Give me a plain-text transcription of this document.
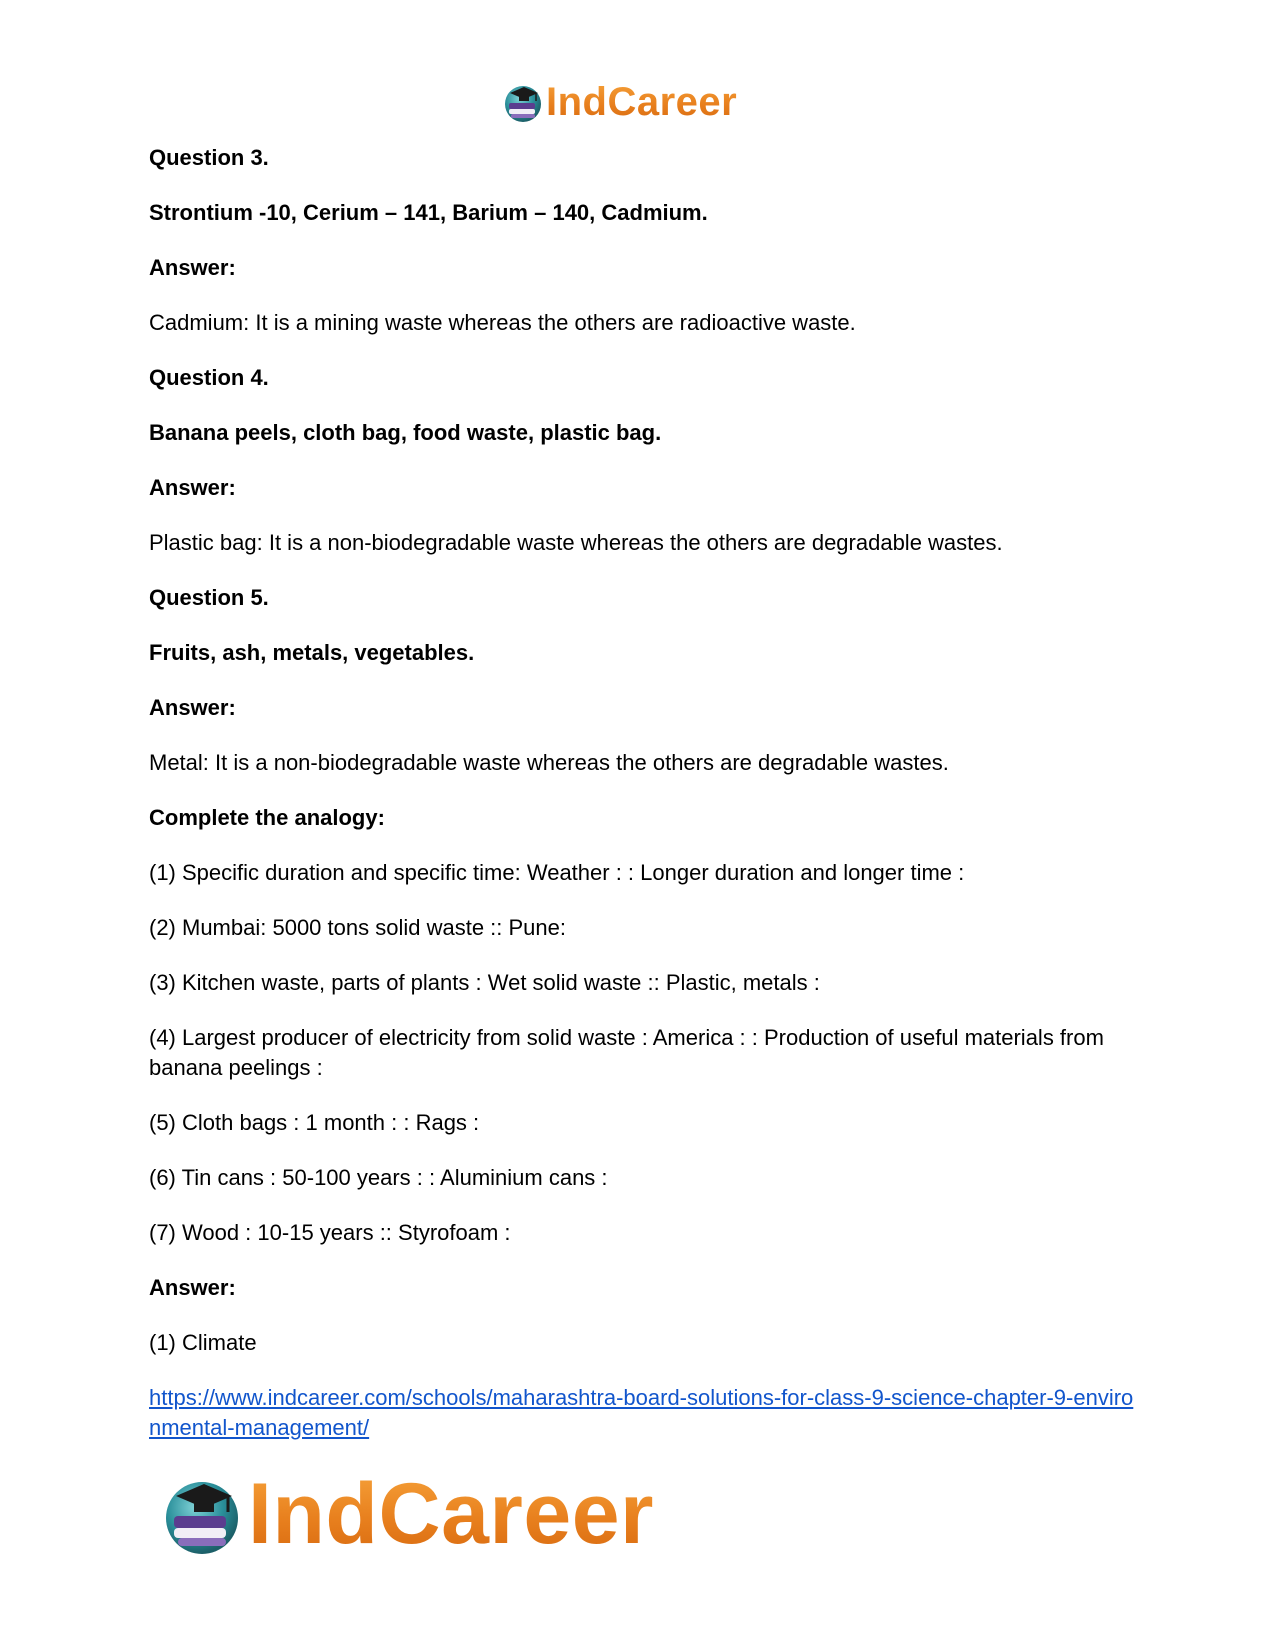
IndCareer

Question 3.

Strontium -10, Cerium – 141, Barium – 140, Cadmium.

Answer:

Cadmium: It is a mining waste whereas the others are radioactive waste.

Question 4.

Banana peels, cloth bag, food waste, plastic bag.

Answer:

Plastic bag: It is a non-biodegradable waste whereas the others are degradable wastes.

Question 5.

Fruits, ash, metals, vegetables.

Answer:

Metal: It is a non-biodegradable waste whereas the others are degradable wastes.

Complete the analogy:

(1) Specific duration and specific time: Weather : : Longer duration and longer time :

(2) Mumbai: 5000 tons solid waste :: Pune:

(3) Kitchen waste, parts of plants : Wet solid waste :: Plastic, metals :

(4) Largest producer of electricity from solid waste : America : : Production of useful materials from banana peelings :

(5) Cloth bags : 1 month : : Rags :

(6) Tin cans : 50-100 years : : Aluminium cans :

(7) Wood : 10-15 years :: Styrofoam :

Answer:

(1) Climate

https://www.indcareer.com/schools/maharashtra-board-solutions-for-class-9-science-chapter-9-environmental-management/
IndCareer
